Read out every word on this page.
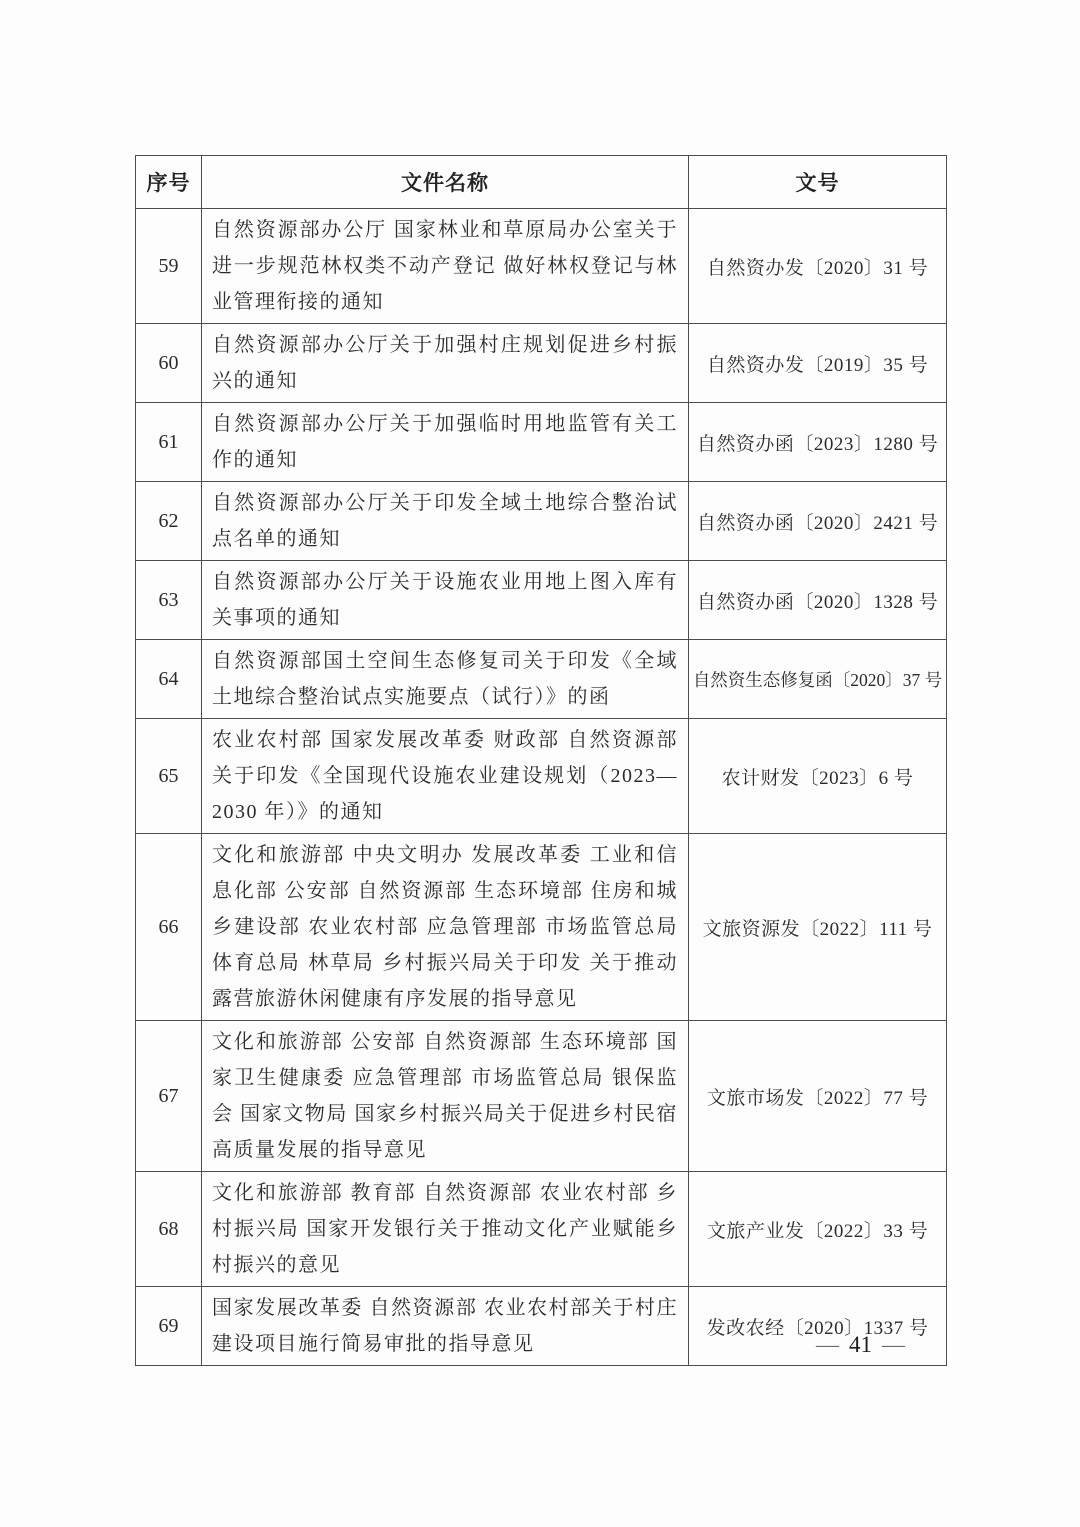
序号	文件名称	文号
59	自然资源部办公厅 国家林业和草原局办公室关于进一步规范林权类不动产登记 做好林权登记与林业管理衔接的通知	自然资办发〔2020〕31 号
60	自然资源部办公厅关于加强村庄规划促进乡村振兴的通知	自然资办发〔2019〕35 号
61	自然资源部办公厅关于加强临时用地监管有关工作的通知	自然资办函〔2023〕1280 号
62	自然资源部办公厅关于印发全域土地综合整治试点名单的通知	自然资办函〔2020〕2421 号
63	自然资源部办公厅关于设施农业用地上图入库有关事项的通知	自然资办函〔2020〕1328 号
64	自然资源部国土空间生态修复司关于印发《全域土地综合整治试点实施要点（试行）》的函	自然资生态修复函〔2020〕37 号
65	农业农村部 国家发展改革委 财政部 自然资源部关于印发《全国现代设施农业建设规划（2023—2030 年）》的通知	农计财发〔2023〕6 号
66	文化和旅游部 中央文明办 发展改革委 工业和信息化部 公安部 自然资源部 生态环境部 住房和城乡建设部 农业农村部 应急管理部 市场监管总局 体育总局 林草局 乡村振兴局关于印发 关于推动露营旅游休闲健康有序发展的指导意见	文旅资源发〔2022〕111 号
67	文化和旅游部 公安部 自然资源部 生态环境部 国家卫生健康委 应急管理部 市场监管总局 银保监会 国家文物局 国家乡村振兴局关于促进乡村民宿高质量发展的指导意见	文旅市场发〔2022〕77 号
68	文化和旅游部 教育部 自然资源部 农业农村部 乡村振兴局 国家开发银行关于推动文化产业赋能乡村振兴的意见	文旅产业发〔2022〕33 号
69	国家发展改革委 自然资源部 农业农村部关于村庄建设项目施行简易审批的指导意见	发改农经〔2020〕1337 号
— 41 —
